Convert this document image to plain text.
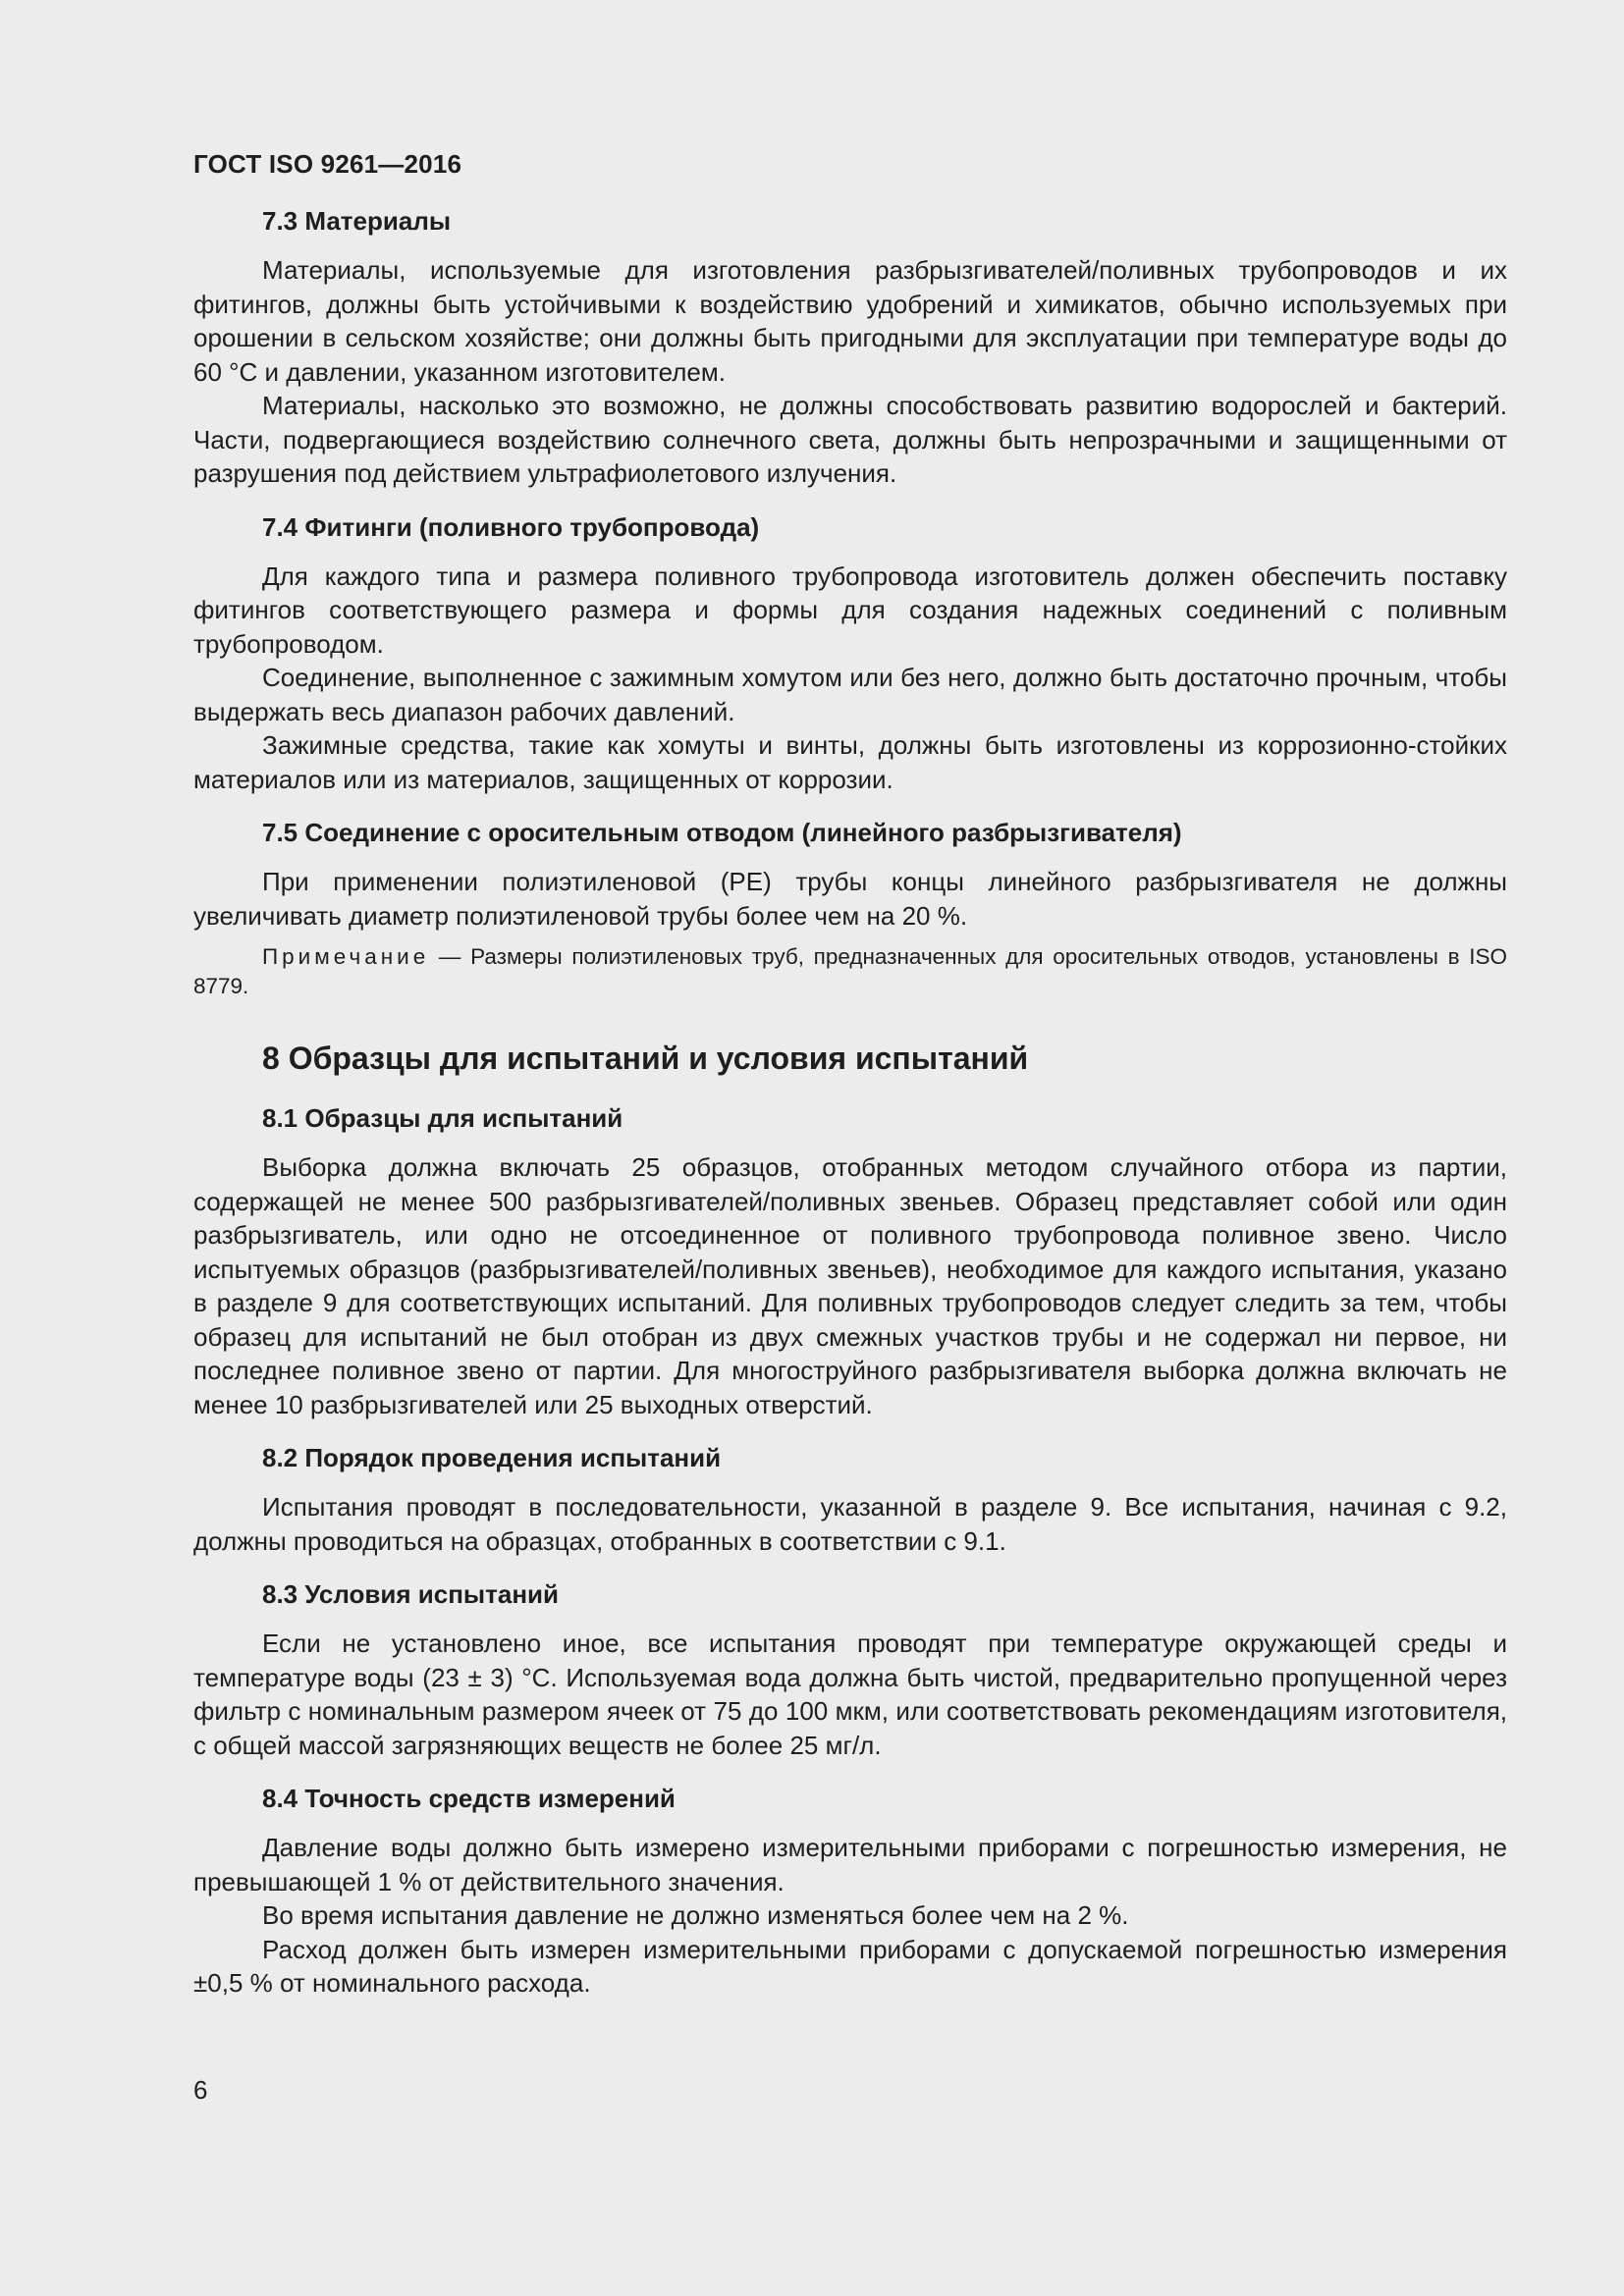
ГОСТ ISO 9261—2016
7.3 Материалы

Материалы, используемые для изготовления разбрызгивателей/поливных трубопроводов и их фитингов, должны быть устойчивыми к воздействию удобрений и химикатов, обычно используемых при орошении в сельском хозяйстве; они должны быть пригодными для эксплуатации при температуре воды до 60 °C и давлении, указанном изготовителем.

Материалы, насколько это возможно, не должны способствовать развитию водорослей и бактерий. Части, подвергающиеся воздействию солнечного света, должны быть непрозрачными и защищенными от разрушения под действием ультрафиолетового излучения.

7.4 Фитинги (поливного трубопровода)

Для каждого типа и размера поливного трубопровода изготовитель должен обеспечить поставку фитингов соответствующего размера и формы для создания надежных соединений с поливным трубопроводом.

Соединение, выполненное с зажимным хомутом или без него, должно быть достаточно прочным, чтобы выдержать весь диапазон рабочих давлений.

Зажимные средства, такие как хомуты и винты, должны быть изготовлены из коррозионно-стойких материалов или из материалов, защищенных от коррозии.

7.5 Соединение с оросительным отводом (линейного разбрызгивателя)

При применении полиэтиленовой (PE) трубы концы линейного разбрызгивателя не должны увеличивать диаметр полиэтиленовой трубы более чем на 20 %.

Примечание — Размеры полиэтиленовых труб, предназначенных для оросительных отводов, установлены в ISO 8779.

8 Образцы для испытаний и условия испытаний
8.1 Образцы для испытаний

Выборка должна включать 25 образцов, отобранных методом случайного отбора из партии, содержащей не менее 500 разбрызгивателей/поливных звеньев. Образец представляет собой или один разбрызгиватель, или одно не отсоединенное от поливного трубопровода поливное звено. Число испытуемых образцов (разбрызгивателей/поливных звеньев), необходимое для каждого испытания, указано в разделе 9 для соответствующих испытаний. Для поливных трубопроводов следует следить за тем, чтобы образец для испытаний не был отобран из двух смежных участков трубы и не содержал ни первое, ни последнее поливное звено от партии. Для многоструйного разбрызгивателя выборка должна включать не менее 10 разбрызгивателей или 25 выходных отверстий.

8.2 Порядок проведения испытаний

Испытания проводят в последовательности, указанной в разделе 9. Все испытания, начиная с 9.2, должны проводиться на образцах, отобранных в соответствии с 9.1.

8.3 Условия испытаний

Если не установлено иное, все испытания проводят при температуре окружающей среды и температуре воды (23 ± 3) °C. Используемая вода должна быть чистой, предварительно пропущенной через фильтр с номинальным размером ячеек от 75 до 100 мкм, или соответствовать рекомендациям изготовителя, с общей массой загрязняющих веществ не более 25 мг/л.

8.4 Точность средств измерений

Давление воды должно быть измерено измерительными приборами с погрешностью измерения, не превышающей 1 % от действительного значения.

Во время испытания давление не должно изменяться более чем на 2 %.

Расход должен быть измерен измерительными приборами с допускаемой погрешностью измерения ±0,5 % от номинального расхода.

6
